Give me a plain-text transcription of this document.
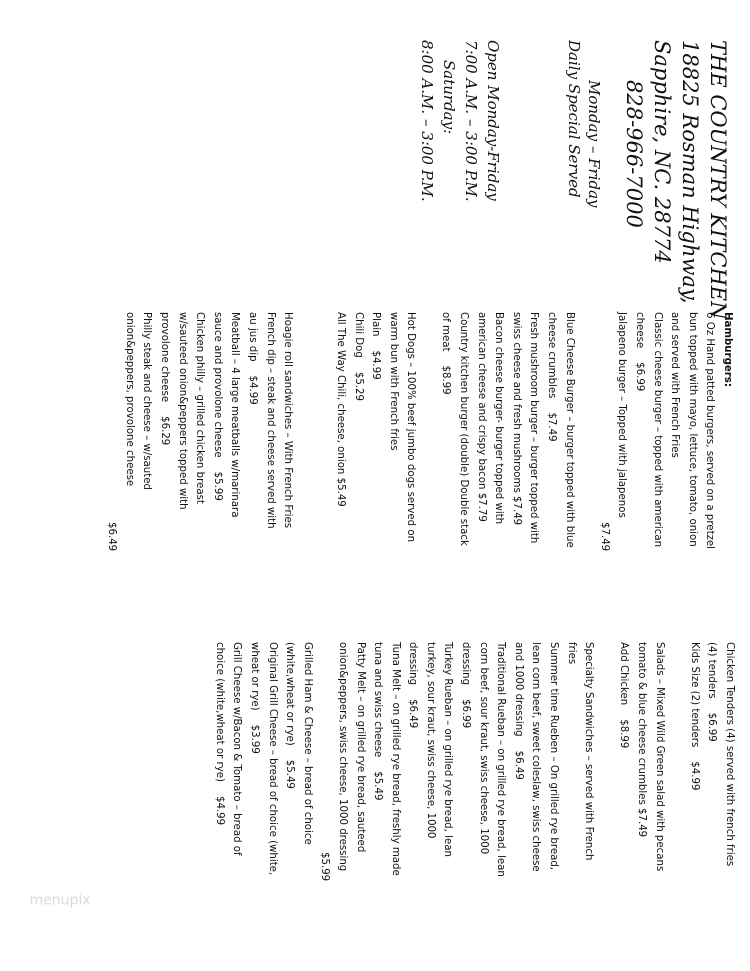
THE COUNTRY KITCHEN
18825 Rosman Highway,
Sapphire, NC. 28774
828-966-7000
Monday – Friday
Daily Special Served
Open Monday-Friday
7:00 A.M. – 3:00 P.M.
Saturday:
8:00 A.M. – 3:00 P.M.
Hamburgers:
6 Oz Hand patted burgers, served on a pretzel
bun topped with mayo, lettuce, tomato, onion
and served with French Fries
Classic cheese burger – topped with american
cheese$6.99
Jalapeno burger – Topped with jalapenos
$7.49
Blue Cheese Burger – burger topped with blue
cheese crumbles$7.49
Fresh mushroom burger – burger topped with
swiss cheese and fresh mushrooms $7.49
Bacon cheese burger- burger topped with
american cheese and crispy bacon $7.79
Country kitchen burger (double) Double stack
of meat$8.99
Hot Dogs – 100% beef jumbo dogs served on
warm bun with French fries
Plain$4.99
Chili Dog$5.29
All The Way Chili, cheese, onion $5.49
Hoagie roll sandwiches – With French Fries
French dip – steak and cheese served with
au jus dip$4.99
Meatball – 4 large meatballs w/marinara
sauce and provolone cheese$5.99
Chicken philly – grilled chicken breast
w/sauteed onion&peppers topped with
provolone cheese$6.29
Philly steak and cheese – w/sauted
onion&peppers, provolone cheese
$6.49
Chicken Tenders (4) served with french fries
(4) tenders$6.99
Kids Size (2) tenders$4.99
Salads – Mixed Wild Green salad with pecans
tomato & blue cheese crumbles $7.49
Add Chicken$8.99
Specialty Sandwiches – served with French
fries
Summer time Rueben – On grilled rye bread,
lean corn beef, sweet coleslaw, swiss cheese
and 1000 dressing$6.49
Traditional Rueban – on grilled rye bread, lean
corn beef, sour kraut, swiss cheese, 1000
dressing$6.99
Turkey Rueban – on grilled rye bread, lean
turkey, sour kraut, swiss cheese, 1000
dressing$6.49
Tuna Melt – on grilled rye bread, freshly made
tuna and swiss cheese$5.49
Patty Melt – on grilled rye bread, sauteed
onion&peppers, swiss cheese, 1000 dressing
$5.99
Grilled Ham & Cheese – bread of choice
(white,wheat or rye)$5.49
Original Grill Cheese – bread of choice (white,
wheat or rye)$3.99
Grill Cheese w/Bacon & Tomato – bread of
choice (white,wheat or rye)$4.99
menupix
